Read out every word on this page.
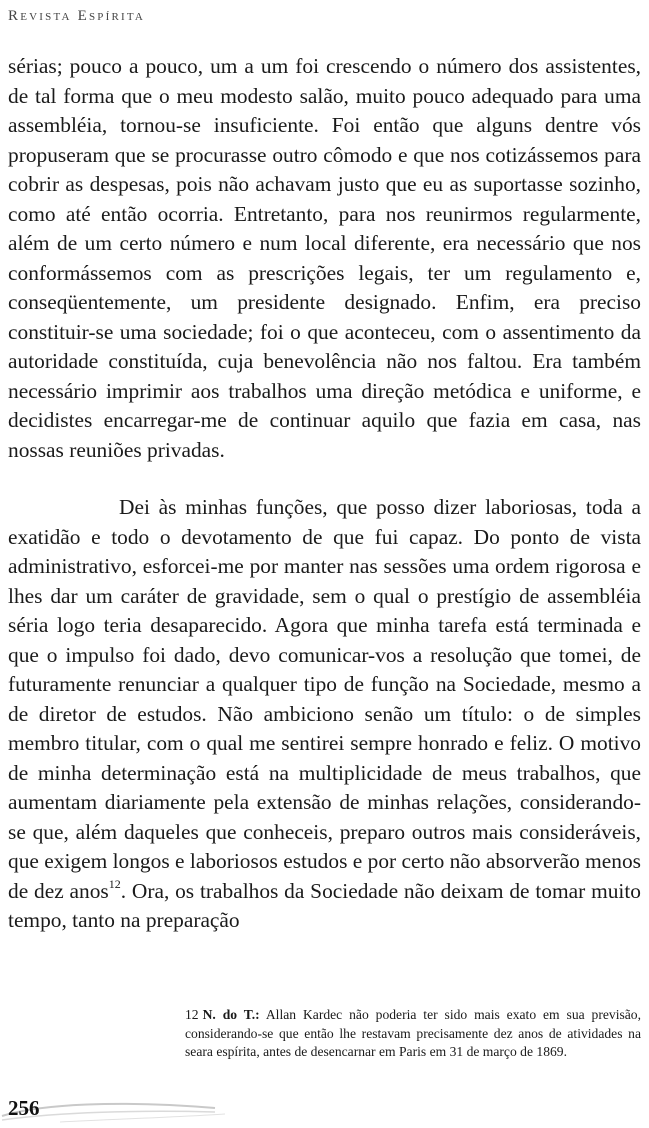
Revista Espírita

sérias; pouco a pouco, um a um foi crescendo o número dos assistentes, de tal forma que o meu modesto salão, muito pouco adequado para uma assembléia, tornou-se insuficiente. Foi então que alguns dentre vós propuseram que se procurasse outro cômodo e que nos cotizássemos para cobrir as despesas, pois não achavam justo que eu as suportasse sozinho, como até então ocorria. Entretanto, para nos reunirmos regularmente, além de um certo número e num local diferente, era necessário que nos conformássemos com as prescrições legais, ter um regulamento e, conseqüentemente, um presidente designado. Enfim, era preciso constituir-se uma sociedade; foi o que aconteceu, com o assentimento da autoridade constituída, cuja benevolência não nos faltou. Era também necessário imprimir aos trabalhos uma direção metódica e uniforme, e decidistes encarregar-me de continuar aquilo que fazia em casa, nas nossas reuniões privadas.

Dei às minhas funções, que posso dizer laboriosas, toda a exatidão e todo o devotamento de que fui capaz. Do ponto de vista administrativo, esforcei-me por manter nas sessões uma ordem rigorosa e lhes dar um caráter de gravidade, sem o qual o prestígio de assembléia séria logo teria desaparecido. Agora que minha tarefa está terminada e que o impulso foi dado, devo comunicar-vos a resolução que tomei, de futuramente renunciar a qualquer tipo de função na Sociedade, mesmo a de diretor de estudos. Não ambiciono senão um título: o de simples membro titular, com o qual me sentirei sempre honrado e feliz. O motivo de minha determinação está na multiplicidade de meus trabalhos, que aumentam diariamente pela extensão de minhas relações, considerando-se que, além daqueles que conheceis, preparo outros mais consideráveis, que exigem longos e laboriosos estudos e por certo não absorverão menos de dez anos$^{12}$. Ora, os trabalhos da Sociedade não deixam de tomar muito tempo, tanto na preparação

12 N. do T.: Allan Kardec não poderia ter sido mais exato em sua previsão, considerando-se que então lhe restavam precisamente dez anos de atividades na seara espírita, antes de desencarnar em Paris em 31 de março de 1869.

256
